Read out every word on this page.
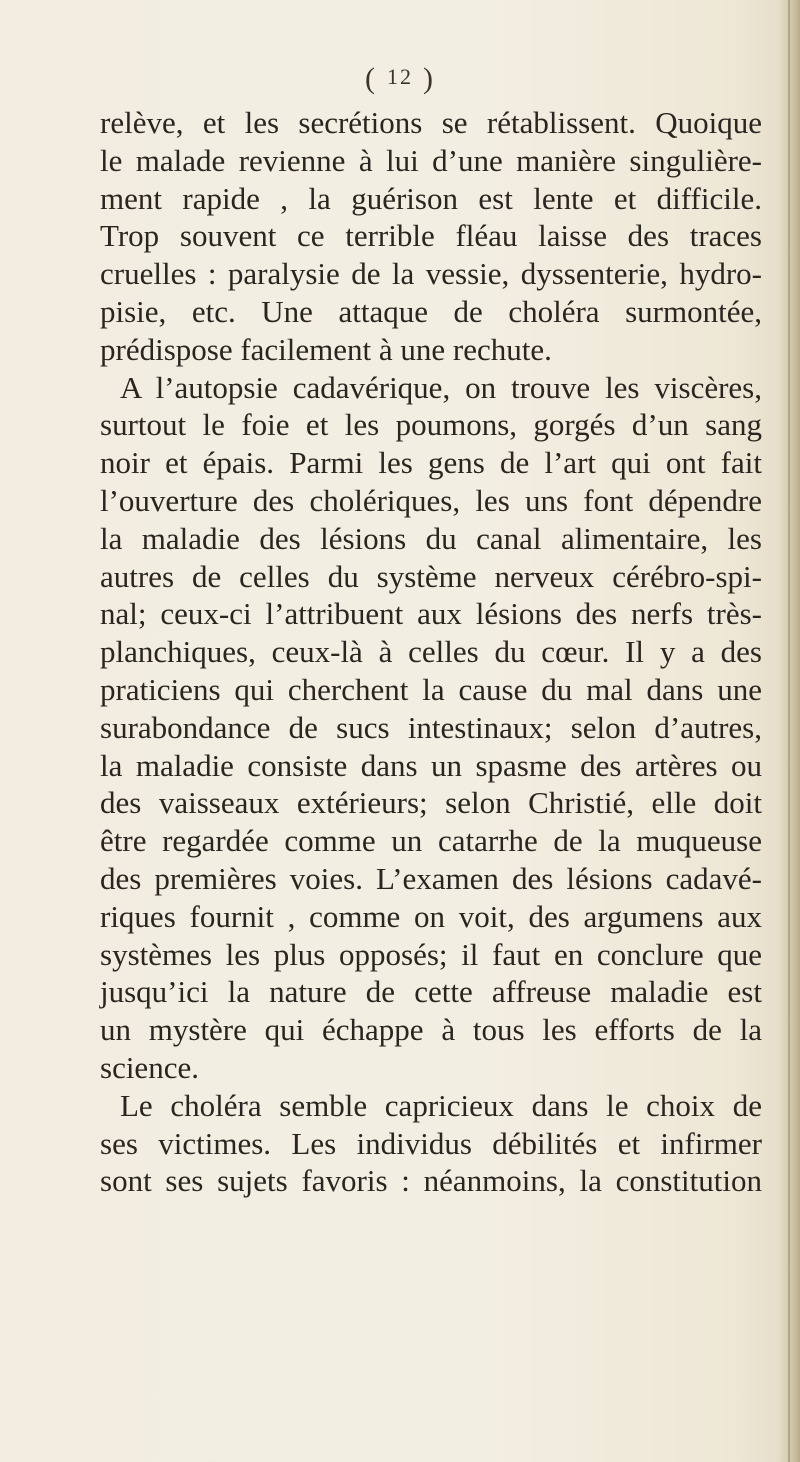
( 12 )
relève, et les secrétions se rétablissent. Quoique
le malade revienne à lui d’une manière singulière-
ment rapide , la guérison est lente et difficile.
Trop souvent ce terrible fléau laisse des traces
cruelles : paralysie de la vessie, dyssenterie, hydro-
pisie, etc. Une attaque de choléra surmontée,
prédispose facilement à une rechute.
A l’autopsie cadavérique, on trouve les viscères,
surtout le foie et les poumons, gorgés d’un sang
noir et épais. Parmi les gens de l’art qui ont fait
l’ouverture des cholériques, les uns font dépendre
la maladie des lésions du canal alimentaire, les
autres de celles du système nerveux cérébro-spi-
nal; ceux-ci l’attribuent aux lésions des nerfs très-
planchiques, ceux-là à celles du cœur. Il y a des
praticiens qui cherchent la cause du mal dans une
surabondance de sucs intestinaux; selon d’autres,
la maladie consiste dans un spasme des artères ou
des vaisseaux extérieurs; selon Christié, elle doit
être regardée comme un catarrhe de la muqueuse
des premières voies. L’examen des lésions cadavé-
riques fournit , comme on voit, des argumens aux
systèmes les plus opposés; il faut en conclure que
jusqu’ici la nature de cette affreuse maladie est
un mystère qui échappe à tous les efforts de la
science.
Le choléra semble capricieux dans le choix de
ses victimes. Les individus débilités et infirmer
sont ses sujets favoris : néanmoins, la constitution
